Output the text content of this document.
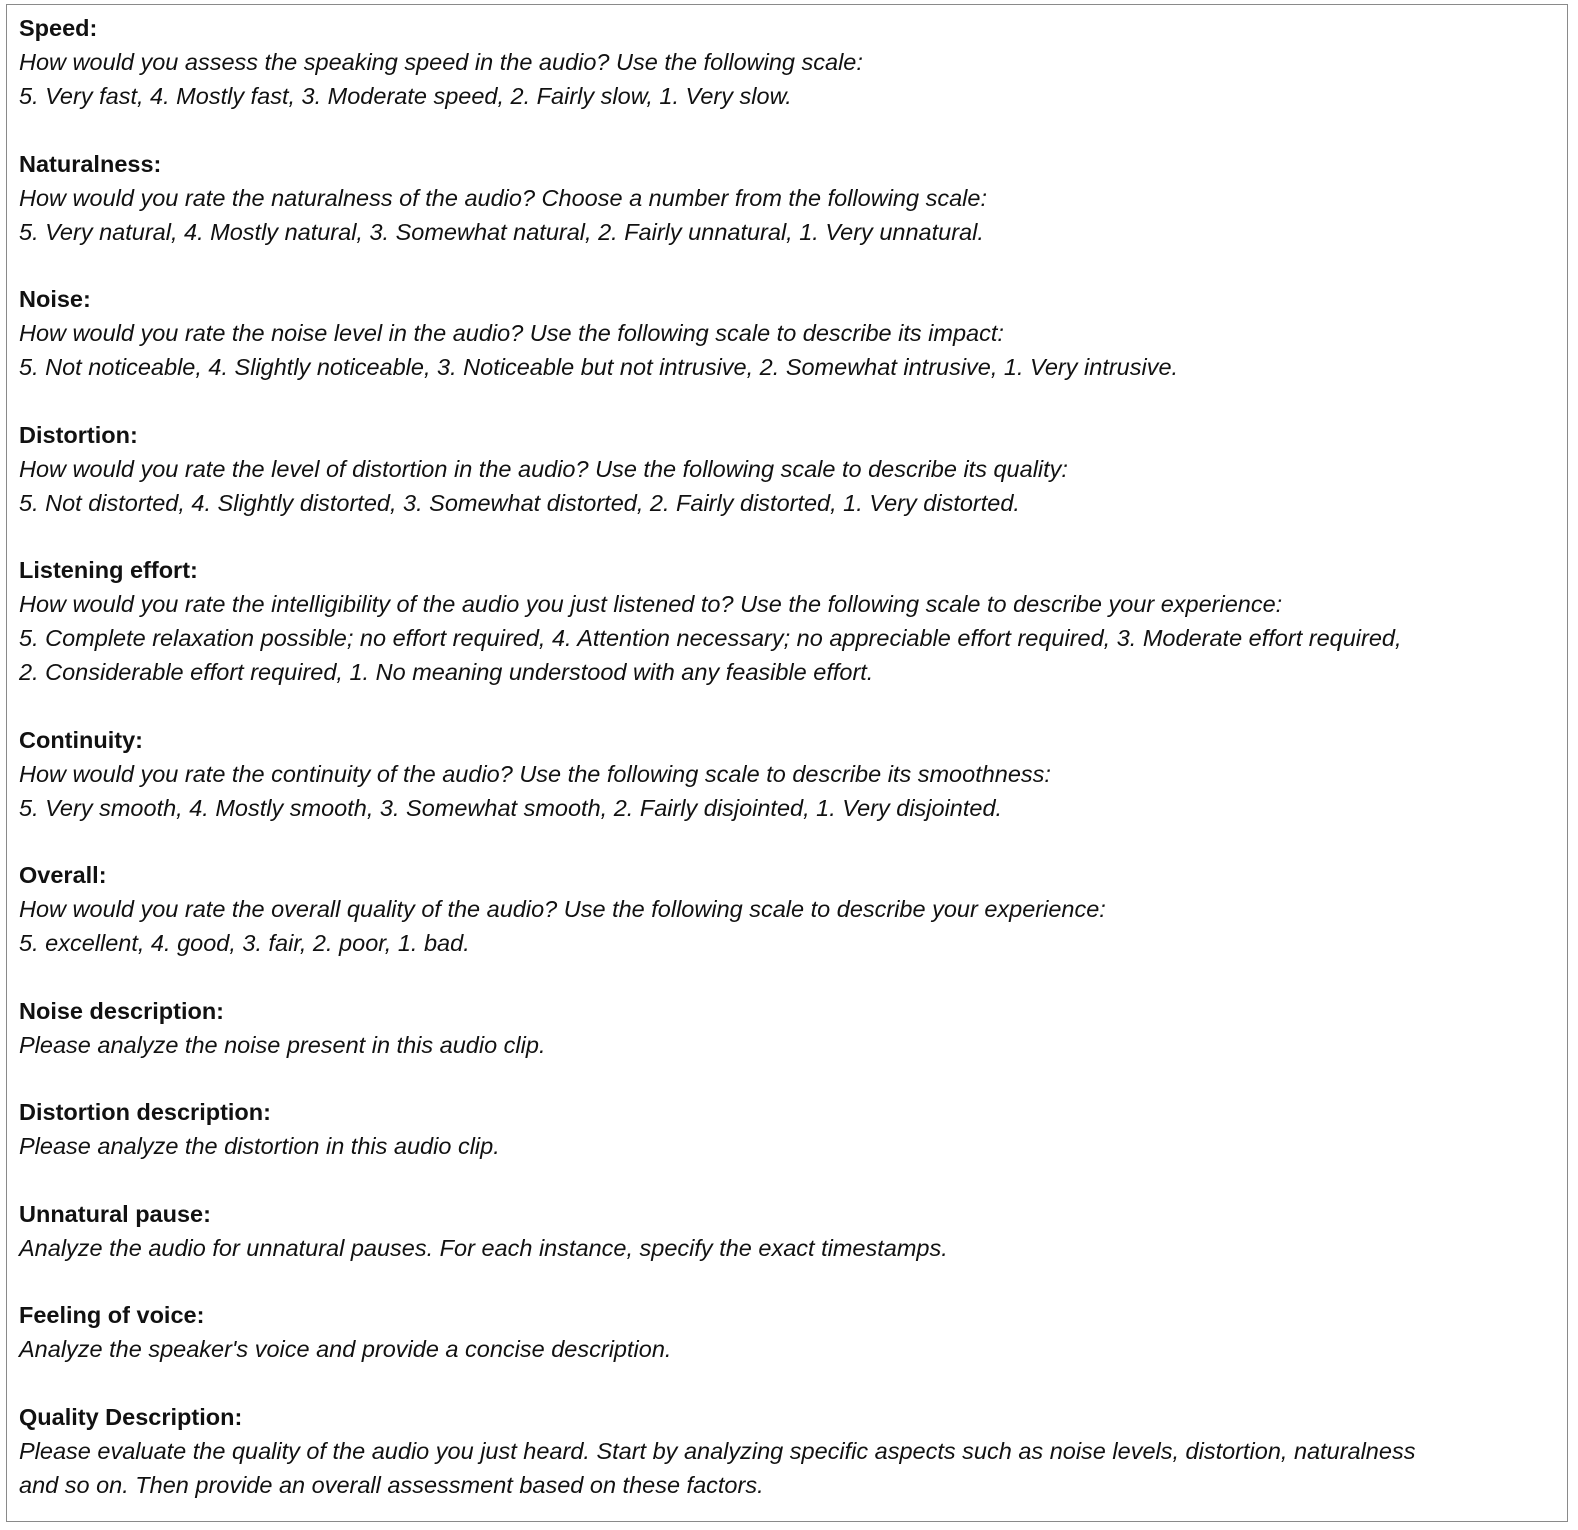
Speed:
How would you assess the speaking speed in the audio? Use the following scale:
5. Very fast, 4. Mostly fast, 3. Moderate speed, 2. Fairly slow, 1. Very slow.
Naturalness:
How would you rate the naturalness of the audio? Choose a number from the following scale:
5. Very natural, 4. Mostly natural, 3. Somewhat natural, 2. Fairly unnatural, 1. Very unnatural.
Noise:
How would you rate the noise level in the audio? Use the following scale to describe its impact:
5. Not noticeable, 4. Slightly noticeable, 3. Noticeable but not intrusive, 2. Somewhat intrusive, 1. Very intrusive.
Distortion:
How would you rate the level of distortion in the audio? Use the following scale to describe its quality:
5. Not distorted, 4. Slightly distorted, 3. Somewhat distorted, 2. Fairly distorted, 1. Very distorted.
Listening effort:
How would you rate the intelligibility of the audio you just listened to? Use the following scale to describe your experience:
5. Complete relaxation possible; no effort required, 4. Attention necessary; no appreciable effort required, 3. Moderate effort required,
2. Considerable effort required, 1. No meaning understood with any feasible effort.
Continuity:
How would you rate the continuity of the audio? Use the following scale to describe its smoothness:
5. Very smooth, 4. Mostly smooth, 3. Somewhat smooth, 2. Fairly disjointed, 1. Very disjointed.
Overall:
How would you rate the overall quality of the audio? Use the following scale to describe your experience:
5. excellent, 4. good, 3. fair, 2. poor, 1. bad.
Noise description:
Please analyze the noise present in this audio clip.
Distortion description:
Please analyze the distortion in this audio clip.
Unnatural pause:
Analyze the audio for unnatural pauses. For each instance, specify the exact timestamps.
Feeling of voice:
Analyze the speaker's voice and provide a concise description.
Quality Description:
Please evaluate the quality of the audio you just heard. Start by analyzing specific aspects such as noise levels, distortion, naturalness
and so on. Then provide an overall assessment based on these factors.
